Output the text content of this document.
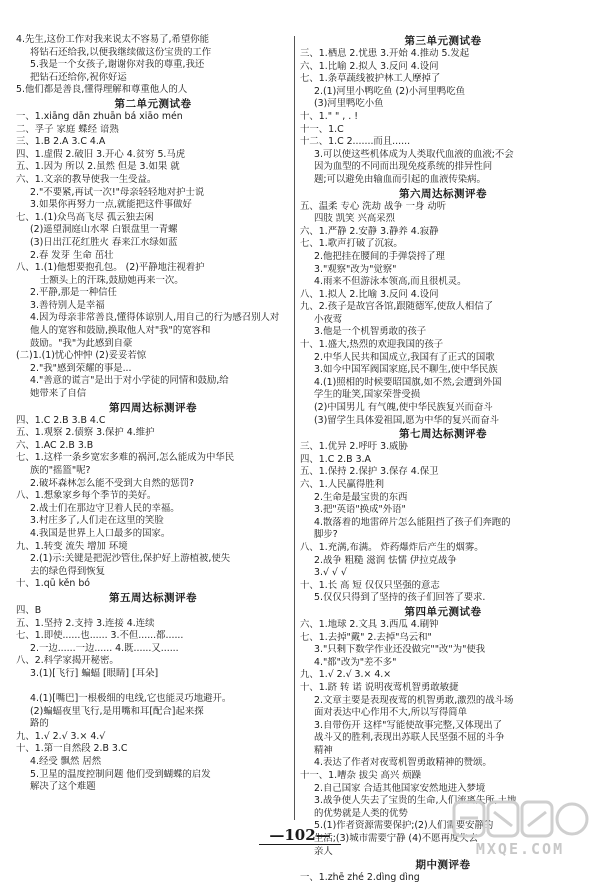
4.先生,这份工作对我来说太不容易了,希望你能
将钻石还给我,以便我继续做这份宝贵的工作
5.我是一个女孩子,谢谢你对我的尊重,我还
把钻石还给你,祝你好运
5.他们都是善良,懂得理解和尊重他人的人
第二单元测试卷
一、1.xiāng dān zhuān bá xiāo mén
二、孚子 家庭 蝶经 谙熟
三、1.B 2.A 3.C 4.A
四、1.虚假 2.破旧 3.开心 4.贫穷 5.马虎
五、1.因为 所以 2.虽然 但是 3.如果 就
六、1.文亲的教导使我一生受益。
2."不要紧,再试一次!"母亲轻轻地对护士说
3.如果你再努力一点,就能把这件事做好
七、1.(1)众鸟高飞尽 孤云独去闲
(2)遥望洞庭山水翠 白银盘里一青螺
(3)日出江花红胜火 春来江水绿如蓝
2.春 发芽 生命 茁壮
八、1.(1)他想要抱孔包。 (2)平静地注视着护
士额头上的汗珠,鼓励她再来一次。
2.平静,那是一种信任
3.善待别人是幸福
4.因为母亲非常善良,懂得体谅别人,用自己的行为感召别人对
他人的宽容和鼓励,换取他人对"我"的宽容和
鼓励。"我"为此感到自豪
(二)1.(1)忧心忡忡 (2)妥妥若惊
2."我"感到荣耀的事是...
4."善意的谎言"是出于对小学徒的同情和鼓励,给
她带来了自信
第四周达标测评卷
四、1.C 2.B 3.B 4.C
五、1.观察 2.债察 3.保护 4.维护
六、1.AC 2.B 3.B
七、1.这样一条乡宽宏多难的祸河,怎么能成为中华民
族的"摇篮"呢?
2.破坏森林怎么能不受到大自然的惩罚?
八、1.想象家乡每个季节的美好。
2.战士们在那边守卫着人民的幸福。
3.村庄多了,人们走在这里的笑脸
4.我国是世界上人口最多的国家。
九、1.转变 流失 增加 环境
2.(1)示:关键是把泥沙管住,保护好上游植被,使失
去的绿色得到恢复
十、1.qū kěn bó
第五周达标测评卷
四、B
五、1.坚持 2.支持 3.连接 4.连续
七、1.即使......也...... 3.不但......都......
2.一边......一边...... 4.既......又......
八、2.科学家揭开秘密。
3.(1)[飞行] 蝙蝠 [眼睛] [耳朵]

4.(1)[嘴巴]一根极细的电线,它也能灵巧地避开。
(2)蝙蝠夜里飞行,是用嘴和耳[配合]起来探
路的
九、1.√ 2.√ 3.× 4.√
十、1.第一自然段 2.B 3.C
4.经受 飘然 居然
5.卫星的温度控制问题 他们受到蝴蝶的启发
解决了这个难题
第三单元测试卷
三、1.栖息 2.忧患 3.开始 4.推动 5.发起
六、1.比喻 2.拟人 3.反问 4.设问
七、1.条草蔬线被护林工人摩掉了
2.(1)河里小鸭吃鱼 (2)小河里鸭吃鱼
(3)河里鸭吃小鱼
十、1." " , . !
十一、1.C
十二、1.C 2.......而且......
3.可以使这些机体成为人类取代血液的血液;不会
因为血型的不同而出现免疫系统的排异性问
题;可以避免由输血而引起的血液传染病。
第六周达标测评卷
五、温柔 专心 洗劫 战争 一身 动听
四肢 凯笑 兴高采烈
六、1.严静 2.安静 3.静养 4.寂静
七、1.歌声打破了沉寂。
2.他把挂在腰间的手弹袋捋了理
3."观察"改为"觉察"
4.雨来不但游泳本领高,而且很机灵。
八、1.拟人 2.比喻 3.反问 4.设问
九、2.孩子是故宫各馆,跟随德军,使敌人相信了
小夜莺
3.他是一个机智勇敢的孩子
十、1.盛大,热烈的欢迎我国的孩子
2.中华人民共和国成立,我国有了正式的国歌
3.如今中国军阀国家庭,民不聊生,使中华民族
4.(1)照相的时候要昭国旗,如不然,会遭到外国
学生的耻笑,国家荣誉受损
(2)中国男儿 有气魄,使中华民族复兴而奋斗
(3)留学生具体爱祖国,愿为中华的复兴而奋斗
第七周达标测评卷
三、1.优异 2.呼吁 3.威胁
四、1.C 2.B 3.A
五、1.保持 2.保护 3.保存 4.保卫
六、1.人民赢得胜利
2.生命是最宝贵的东西
3.把"英语"换成"外语"
4.散落着的地雷碎片怎么能阻挡了孩子们奔跑的
脚步?
八、1.充满,布满。 炸药爆炸后产生的烟雾。
2.战争 粗糙 滋润 怯懦 伊拉克战争
3.√ √ √
十、1.长 高 短 仅仅只坚强的意志
5.仅仅只得到了坚持的孩子们回答了要求.
第四单元测试卷
六、1.地球 2.文具 3.西瓜 4.刷钟
七、1.去掉"戴" 2.去掉"乌云和"
3."只剩下数学作业还没做完""改"为"使我
4."都"改为"差不多"
九、1.√ 2.√ 3.× 4.×
十、1.跻 转 诺 说明夜莺机智勇敢敏捷
2.文章主要是表现夜莺的机智勇敢,激烈的战斗场
面对表达中心作用不大,所以写得简单
3.自带伤开 这样"写能使故事完整,又体现出了
战斗又的胜利,表现出苏联人民坚强不屈的斗争
精神
4.表达了作者对夜莺机智勇敢精神的赞颂。
十一、1.嘈杂 拔尖 高兴 烦躁
2.自己国家 合适其他国家安然地进入梦境
3.战争使人失去了宝贵的生命,人们流离失所,土地
的优势就是人类的优势
5.(1)作者资源需要保护;(2)人们需要安静的
生活;(3)城市需要宁静 (4)不愿再度失去
亲人
期中测评卷
一、1.zhē zhé 2.dìng dìng
—102—
MXQE.COM
